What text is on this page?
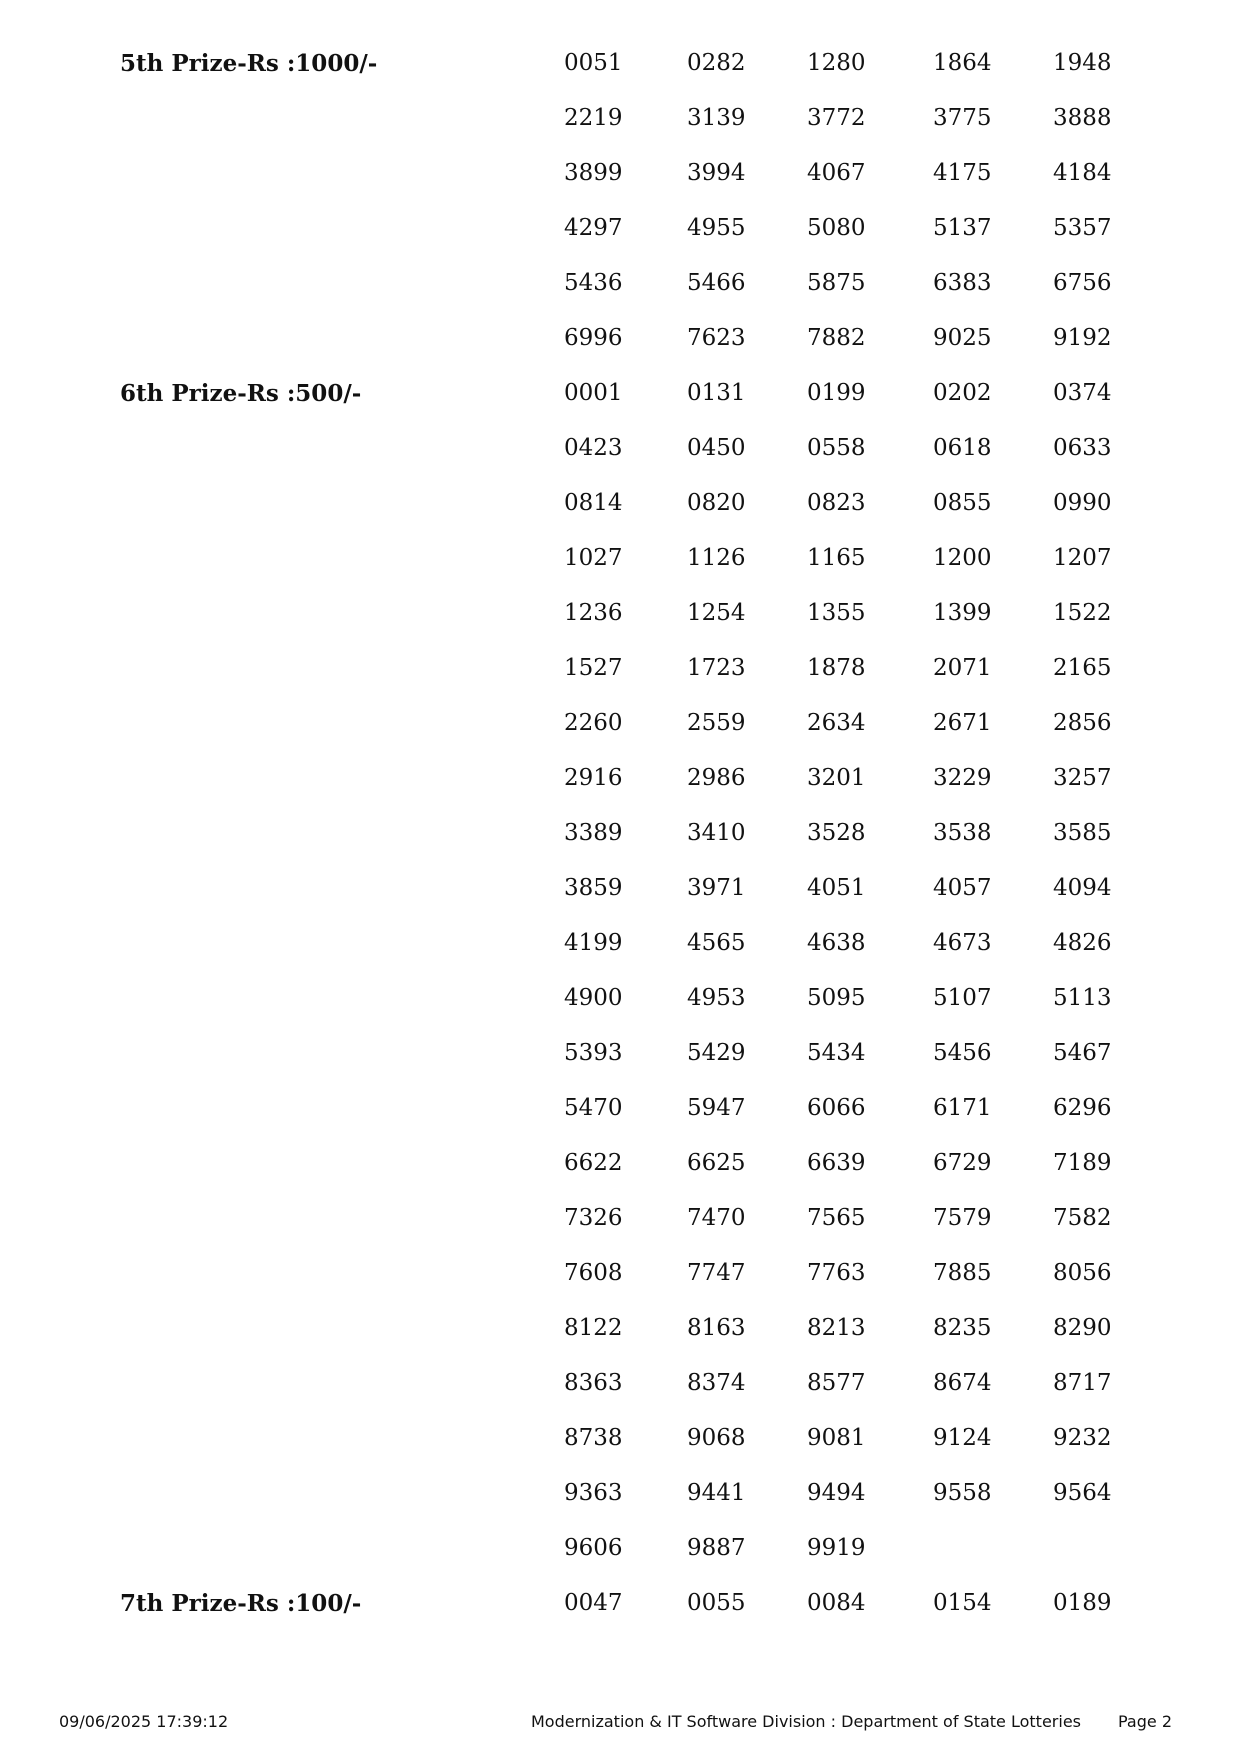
5th Prize-Rs :1000/-	0051	0282	1280	1864	1948
2219	3139	3772	3775	3888
3899	3994	4067	4175	4184
4297	4955	5080	5137	5357
5436	5466	5875	6383	6756
6996	7623	7882	9025	9192
6th Prize-Rs :500/-	0001	0131	0199	0202	0374
0423	0450	0558	0618	0633
0814	0820	0823	0855	0990
1027	1126	1165	1200	1207
1236	1254	1355	1399	1522
1527	1723	1878	2071	2165
2260	2559	2634	2671	2856
2916	2986	3201	3229	3257
3389	3410	3528	3538	3585
3859	3971	4051	4057	4094
4199	4565	4638	4673	4826
4900	4953	5095	5107	5113
5393	5429	5434	5456	5467
5470	5947	6066	6171	6296
6622	6625	6639	6729	7189
7326	7470	7565	7579	7582
7608	7747	7763	7885	8056
8122	8163	8213	8235	8290
8363	8374	8577	8674	8717
8738	9068	9081	9124	9232
9363	9441	9494	9558	9564
9606	9887	9919
7th Prize-Rs :100/-	0047	0055	0084	0154	0189
09/06/2025 17:39:12	Modernization & IT Software Division : Department of State Lotteries Page 2
